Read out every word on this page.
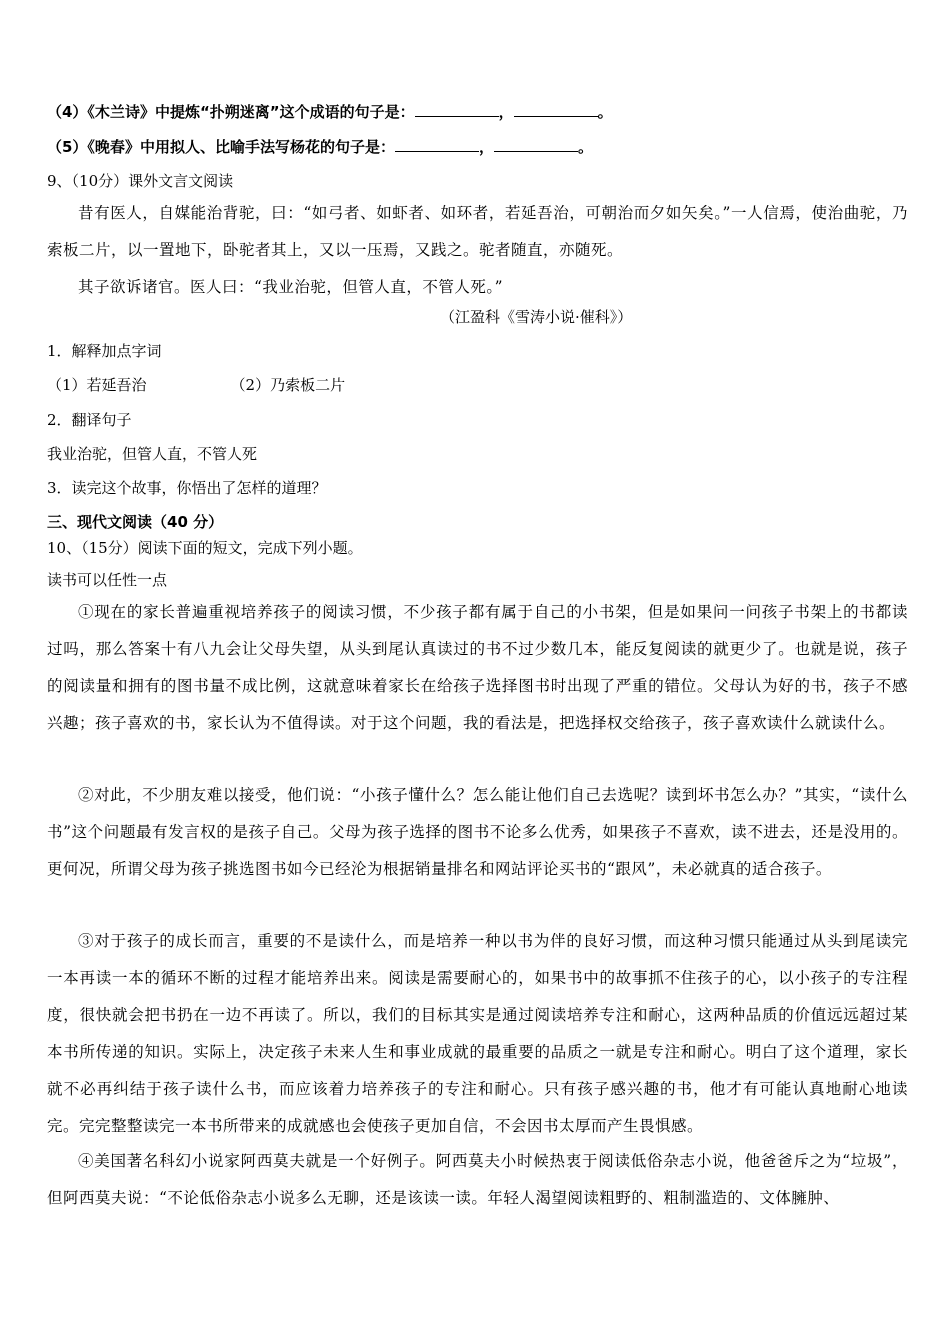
（4）《木兰诗》中提炼“扑朔迷离”这个成语的句子是：	，	。
（5）《晚春》中用拟人、比喻手法写杨花的句子是：	，	。
9、（10分）课外文言文阅读
昔有医人，自媒能治背驼，曰：“如弓者、如虾者、如环者，若延吾治，可朝治而夕如矢矣。”一人信焉，使治曲驼，乃索板二片，以一置地下，卧驼者其上，又以一压焉，又践之。驼者随直，亦随死。
其子欲诉诸官。医人曰：“我业治驼，但管人直，不管人死。”
（江盈科《雪涛小说·催科》）
1．解释加点字词
（1）若延吾治	（2）乃索板二片
2．翻译句子
我业治驼，但管人直，不管人死
3．读完这个故事，你悟出了怎样的道理？
三、现代文阅读（40 分）
10、（15分）阅读下面的短文，完成下列小题。
读书可以任性一点
①现在的家长普遍重视培养孩子的阅读习惯，不少孩子都有属于自己的小书架，但是如果问一问孩子书架上的书都读过吗，那么答案十有八九会让父母失望，从头到尾认真读过的书不过少数几本，能反复阅读的就更少了。也就是说，孩子的阅读量和拥有的图书量不成比例，这就意味着家长在给孩子选择图书时出现了严重的错位。父母认为好的书，孩子不感兴趣；孩子喜欢的书，家长认为不值得读。对于这个问题，我的看法是，把选择权交给孩子，孩子喜欢读什么就读什么。
②对此，不少朋友难以接受，他们说：“小孩子懂什么？怎么能让他们自己去选呢？读到坏书怎么办？”其实，“读什么书”这个问题最有发言权的是孩子自己。父母为孩子选择的图书不论多么优秀，如果孩子不喜欢，读不进去，还是没用的。更何况，所谓父母为孩子挑选图书如今已经沦为根据销量排名和网站评论买书的“跟风”，未必就真的适合孩子。
③对于孩子的成长而言，重要的不是读什么，而是培养一种以书为伴的良好习惯，而这种习惯只能通过从头到尾读完一本再读一本的循环不断的过程才能培养出来。阅读是需要耐心的，如果书中的故事抓不住孩子的心，以小孩子的专注程度，很快就会把书扔在一边不再读了。所以，我们的目标其实是通过阅读培养专注和耐心，这两种品质的价值远远超过某本书所传递的知识。实际上，决定孩子未来人生和事业成就的最重要的品质之一就是专注和耐心。明白了这个道理，家长就不必再纠结于孩子读什么书，而应该着力培养孩子的专注和耐心。只有孩子感兴趣的书，他才有可能认真地耐心地读完。完完整整读完一本书所带来的成就感也会使孩子更加自信，不会因书太厚而产生畏惧感。
④美国著名科幻小说家阿西莫夫就是一个好例子。阿西莫夫小时候热衷于阅读低俗杂志小说，他爸爸斥之为“垃圾”，但阿西莫夫说：“不论低俗杂志小说多么无聊，还是该读一读。年轻人渴望阅读粗野的、粗制滥造的、文体臃肿、
